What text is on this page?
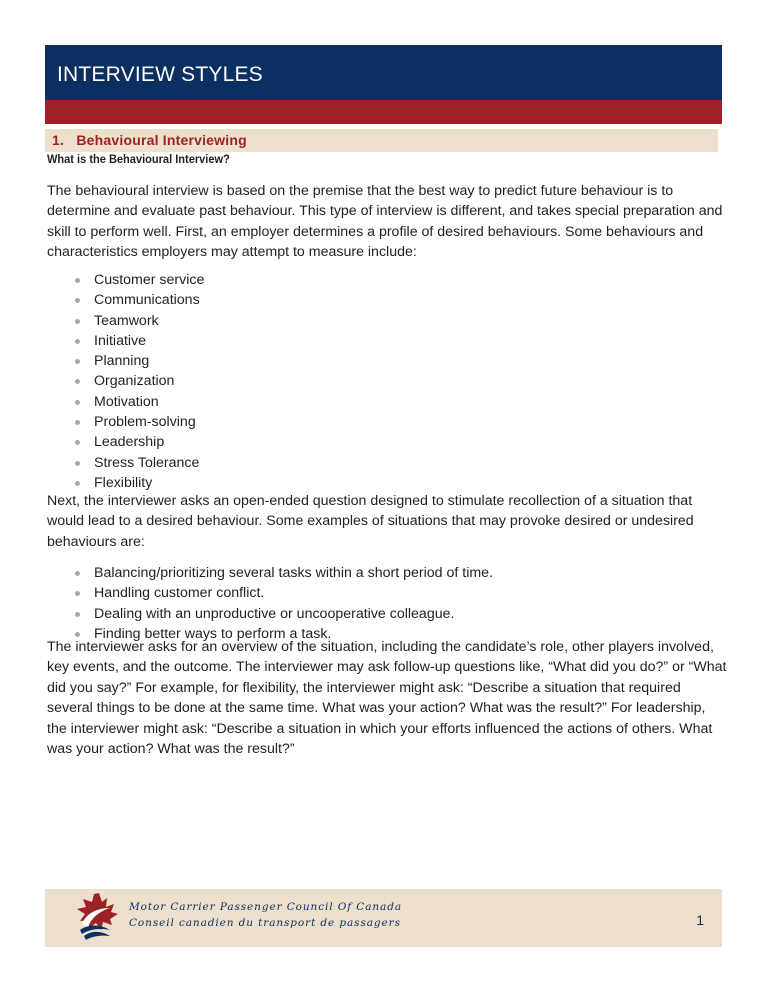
INTERVIEW STYLES
1.   Behavioural Interviewing
What is the Behavioural Interview?

The behavioural interview is based on the premise that the best way to predict future behaviour is to determine and evaluate past behaviour. This type of interview is different, and takes special preparation and skill to perform well. First, an employer determines a profile of desired behaviours. Some behaviours and characteristics employers may attempt to measure include:

Customer service
Communications
Teamwork
Initiative
Planning
Organization
Motivation
Problem-solving
Leadership
Stress Tolerance
Flexibility

Next, the interviewer asks an open-ended question designed to stimulate recollection of a situation that would lead to a desired behaviour. Some examples of situations that may provoke desired or undesired behaviours are:

Balancing/prioritizing several tasks within a short period of time.
Handling customer conflict.
Dealing with an unproductive or uncooperative colleague.
Finding better ways to perform a task.

The interviewer asks for an overview of the situation, including the candidate’s role, other players involved, key events, and the outcome. The interviewer may ask follow-up questions like, “What did you do?” or “What did you say?” For example, for flexibility, the interviewer might ask: “Describe a situation that required several things to be done at the same time. What was your action? What was the result?” For leadership, the interviewer might ask: “Describe a situation in which your efforts influenced the actions of others. What was your action? What was the result?”

Motor Carrier Passenger Council Of Canada
Conseil canadien du transport de passagers	1
